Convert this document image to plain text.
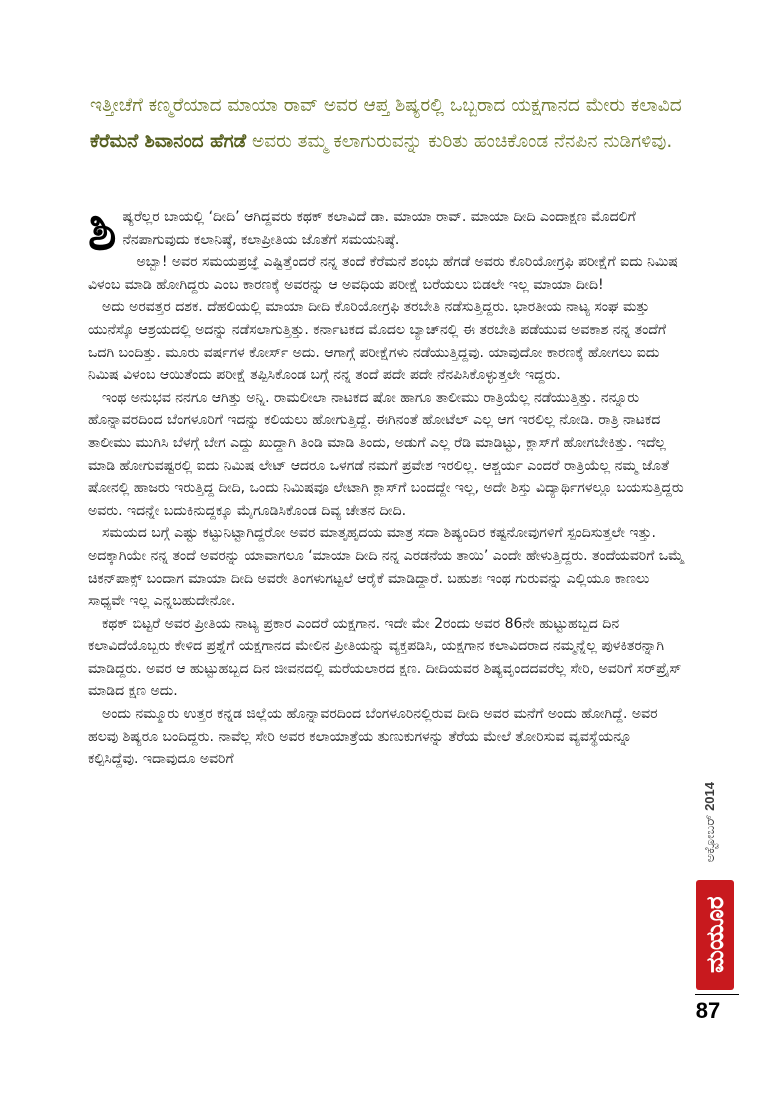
ಇತ್ತೀಚೆಗೆ ಕಣ್ಮರೆಯಾದ ಮಾಯಾ ರಾವ್ ಅವರ ಆಪ್ತ ಶಿಷ್ಯರಲ್ಲಿ ಒಬ್ಬರಾದ ಯಕ್ಷಗಾನದ ಮೇರು ಕಲಾವಿದ ಕೆರೆಮನೆ ಶಿವಾನಂದ ಹೆಗಡೆ ಅವರು ತಮ್ಮ ಕಲಾಗುರುವನ್ನು ಕುರಿತು ಹಂಚಿಕೊಂಡ ನೆನಪಿನ ನುಡಿಗಳಿವು.

ಶಿಷ್ಯರೆಲ್ಲರ ಬಾಯಲ್ಲಿ ‘ದೀದಿ’ ಆಗಿದ್ದವರು ಕಥಕ್ ಕಲಾವಿದೆ ಡಾ. ಮಾಯಾ ರಾವ್. ಮಾಯಾ ದೀದಿ ಎಂದಾಕ್ಷಣ ಮೊದಲಿಗೆ ನೆನಪಾಗುವುದು ಕಲಾನಿಷ್ಠೆ, ಕಲಾಪ್ರೀತಿಯ ಜೊತೆಗೆ ಸಮಯನಿಷ್ಠೆ.

ಅಬ್ಬಾ! ಅವರ ಸಮಯಪ್ರಜ್ಞೆ ಎಷ್ಟಿತ್ತೆಂದರೆ ನನ್ನ ತಂದೆ ಕೆರೆಮನೆ ಶಂಭು ಹೆಗಡೆ ಅವರು ಕೊರಿಯೋಗ್ರಫಿ ಪರೀಕ್ಷೆಗೆ ಐದು ನಿಮಿಷ ವಿಳಂಬ ಮಾಡಿ ಹೋಗಿದ್ದರು ಎಂಬ ಕಾರಣಕ್ಕೆ ಅವರನ್ನು ಆ ಅವಧಿಯ ಪರೀಕ್ಷೆ ಬರೆಯಲು ಬಿಡಲೇ ಇಲ್ಲ ಮಾಯಾ ದೀದಿ!

ಅದು ಅರವತ್ತರ ದಶಕ. ದೆಹಲಿಯಲ್ಲಿ ಮಾಯಾ ದೀದಿ ಕೊರಿಯೋಗ್ರಫಿ ತರಬೇತಿ ನಡೆಸುತ್ತಿದ್ದರು. ಭಾರತೀಯ ನಾಟ್ಯ ಸಂಘ ಮತ್ತು ಯುನೆಸ್ಕೊ ಆಶ್ರಯದಲ್ಲಿ ಅದನ್ನು ನಡೆಸಲಾಗುತ್ತಿತ್ತು. ಕರ್ನಾಟಕದ ಮೊದಲ ಬ್ಯಾಚ್‌ನಲ್ಲಿ ಈ ತರಬೇತಿ ಪಡೆಯುವ ಅವಕಾಶ ನನ್ನ ತಂದೆಗೆ ಒದಗಿ ಬಂದಿತ್ತು. ಮೂರು ವರ್ಷಗಳ ಕೋರ್ಸ್ ಅದು. ಆಗಾಗ್ಗೆ ಪರೀಕ್ಷೆಗಳು ನಡೆಯುತ್ತಿದ್ದವು. ಯಾವುದೋ ಕಾರಣಕ್ಕೆ ಹೋಗಲು ಐದು ನಿಮಿಷ ವಿಳಂಬ ಆಯಿತೆಂದು ಪರೀಕ್ಷೆ ತಪ್ಪಿಸಿಕೊಂಡ ಬಗ್ಗೆ ನನ್ನ ತಂದೆ ಪದೇ ಪದೇ ನೆನಪಿಸಿಕೊಳ್ಳುತ್ತಲೇ ಇದ್ದರು.

ಇಂಥ ಅನುಭವ ನನಗೂ ಆಗಿತ್ತು ಅನ್ನಿ. ರಾಮಲೀಲಾ ನಾಟಕದ ಷೋ ಹಾಗೂ ತಾಲೀಮು ರಾತ್ರಿಯೆಲ್ಲ ನಡೆಯುತ್ತಿತ್ತು. ನನ್ನೂರು ಹೊನ್ನಾವರದಿಂದ ಬೆಂಗಳೂರಿಗೆ ಇದನ್ನು ಕಲಿಯಲು ಹೋಗುತ್ತಿದ್ದೆ. ಈಗಿನಂತೆ ಹೋಟೆಲ್ ಎಲ್ಲ ಆಗ ಇರಲಿಲ್ಲ ನೋಡಿ. ರಾತ್ರಿ ನಾಟಕದ ತಾಲೀಮು ಮುಗಿಸಿ ಬೆಳಗ್ಗೆ ಬೇಗ ಎದ್ದು ಖುದ್ದಾಗಿ ತಿಂಡಿ ಮಾಡಿ ತಿಂದು, ಅಡುಗೆ ಎಲ್ಲ ರೆಡಿ ಮಾಡಿಟ್ಟು, ಕ್ಲಾಸ್‌ಗೆ ಹೋಗಬೇಕಿತ್ತು. ಇದೆಲ್ಲ ಮಾಡಿ ಹೋಗುವಷ್ಟರಲ್ಲಿ ಐದು ನಿಮಿಷ ಲೇಟ್ ಆದರೂ ಒಳಗಡೆ ನಮಗೆ ಪ್ರವೇಶ ಇರಲಿಲ್ಲ. ಆಶ್ಚರ್ಯ ಎಂದರೆ ರಾತ್ರಿಯೆಲ್ಲ ನಮ್ಮ ಜೊತೆ ಷೋನಲ್ಲಿ ಹಾಜರು ಇರುತ್ತಿದ್ದ ದೀದಿ, ಒಂದು ನಿಮಿಷವೂ ಲೇಟಾಗಿ ಕ್ಲಾಸ್‌ಗೆ ಬಂದದ್ದೇ ಇಲ್ಲ, ಅದೇ ಶಿಸ್ತು ವಿದ್ಯಾರ್ಥಿಗಳಲ್ಲೂ ಬಯಸುತ್ತಿದ್ದರು ಅವರು. ಇದನ್ನೇ ಬದುಕಿನುದ್ದಕ್ಕೂ ಮೈಗೂಡಿಸಿಕೊಂಡ ದಿವ್ಯ ಚೇತನ ದೀದಿ.

ಸಮಯದ ಬಗ್ಗೆ ಎಷ್ಟು ಕಟ್ಟುನಿಟ್ಟಾಗಿದ್ದರೋ ಅವರ ಮಾತೃಹೃದಯ ಮಾತ್ರ ಸದಾ ಶಿಷ್ಯಂದಿರ ಕಷ್ಟನೋವುಗಳಿಗೆ ಸ್ಪಂದಿಸುತ್ತಲೇ ಇತ್ತು. ಅದಕ್ಕಾಗಿಯೇ ನನ್ನ ತಂದೆ ಅವರನ್ನು ಯಾವಾಗಲೂ ‘ಮಾಯಾ ದೀದಿ ನನ್ನ ಎರಡನೆಯ ತಾಯಿ’ ಎಂದೇ ಹೇಳುತ್ತಿದ್ದರು. ತಂದೆಯವರಿಗೆ ಒಮ್ಮೆ ಚಿಕನ್‌ಪಾಕ್ಸ್ ಬಂದಾಗ ಮಾಯಾ ದೀದಿ ಅವರೇ ತಿಂಗಳುಗಟ್ಟಲೆ ಆರೈಕೆ ಮಾಡಿದ್ದಾರೆ. ಬಹುಶಃ ಇಂಥ ಗುರುವನ್ನು ಎಲ್ಲಿಯೂ ಕಾಣಲು ಸಾಧ್ಯವೇ ಇಲ್ಲ ಎನ್ನಬಹುದೇನೋ.

ಕಥಕ್ ಬಿಟ್ಟರೆ ಅವರ ಪ್ರೀತಿಯ ನಾಟ್ಯ ಪ್ರಕಾರ ಎಂದರೆ ಯಕ್ಷಗಾನ. ಇದೇ ಮೇ 2ರಂದು ಅವರ 86ನೇ ಹುಟ್ಟುಹಬ್ಬದ ದಿನ ಕಲಾವಿದೆಯೊಬ್ಬರು ಕೇಳಿದ ಪ್ರಶ್ನೆಗೆ ಯಕ್ಷಗಾನದ ಮೇಲಿನ ಪ್ರೀತಿಯನ್ನು ವ್ಯಕ್ತಪಡಿಸಿ, ಯಕ್ಷಗಾನ ಕಲಾವಿದರಾದ ನಮ್ಮನ್ನೆಲ್ಲ ಪುಳಕಿತರನ್ನಾಗಿ ಮಾಡಿದ್ದರು. ಅವರ ಆ ಹುಟ್ಟುಹಬ್ಬದ ದಿನ ಜೀವನದಲ್ಲಿ ಮರೆಯಲಾರದ ಕ್ಷಣ. ದೀದಿಯವರ ಶಿಷ್ಯವೃಂದದವರೆಲ್ಲ ಸೇರಿ, ಅವರಿಗೆ ಸರ್‌ಪ್ರೈಸ್ ಮಾಡಿದ ಕ್ಷಣ ಅದು.

ಅಂದು ನಮ್ಮೂರು ಉತ್ತರ ಕನ್ನಡ ಜಿಲ್ಲೆಯ ಹೊನ್ನಾವರದಿಂದ ಬೆಂಗಳೂರಿನಲ್ಲಿರುವ ದೀದಿ ಅವರ ಮನೆಗೆ ಅಂದು ಹೋಗಿದ್ದೆ. ಅವರ ಹಲವು ಶಿಷ್ಯರೂ ಬಂದಿದ್ದರು. ನಾವೆಲ್ಲ ಸೇರಿ ಅವರ ಕಲಾಯಾತ್ರೆಯ ತುಣುಕುಗಳನ್ನು ತೆರೆಯ ಮೇಲೆ ತೋರಿಸುವ ವ್ಯವಸ್ಥೆಯನ್ನೂ ಕಲ್ಪಿಸಿದ್ದೆವು. ಇದಾವುದೂ ಅವರಿಗೆ

ಅಕ್ಟೋಬರ್ 2014
ಮಯೂರ
87
